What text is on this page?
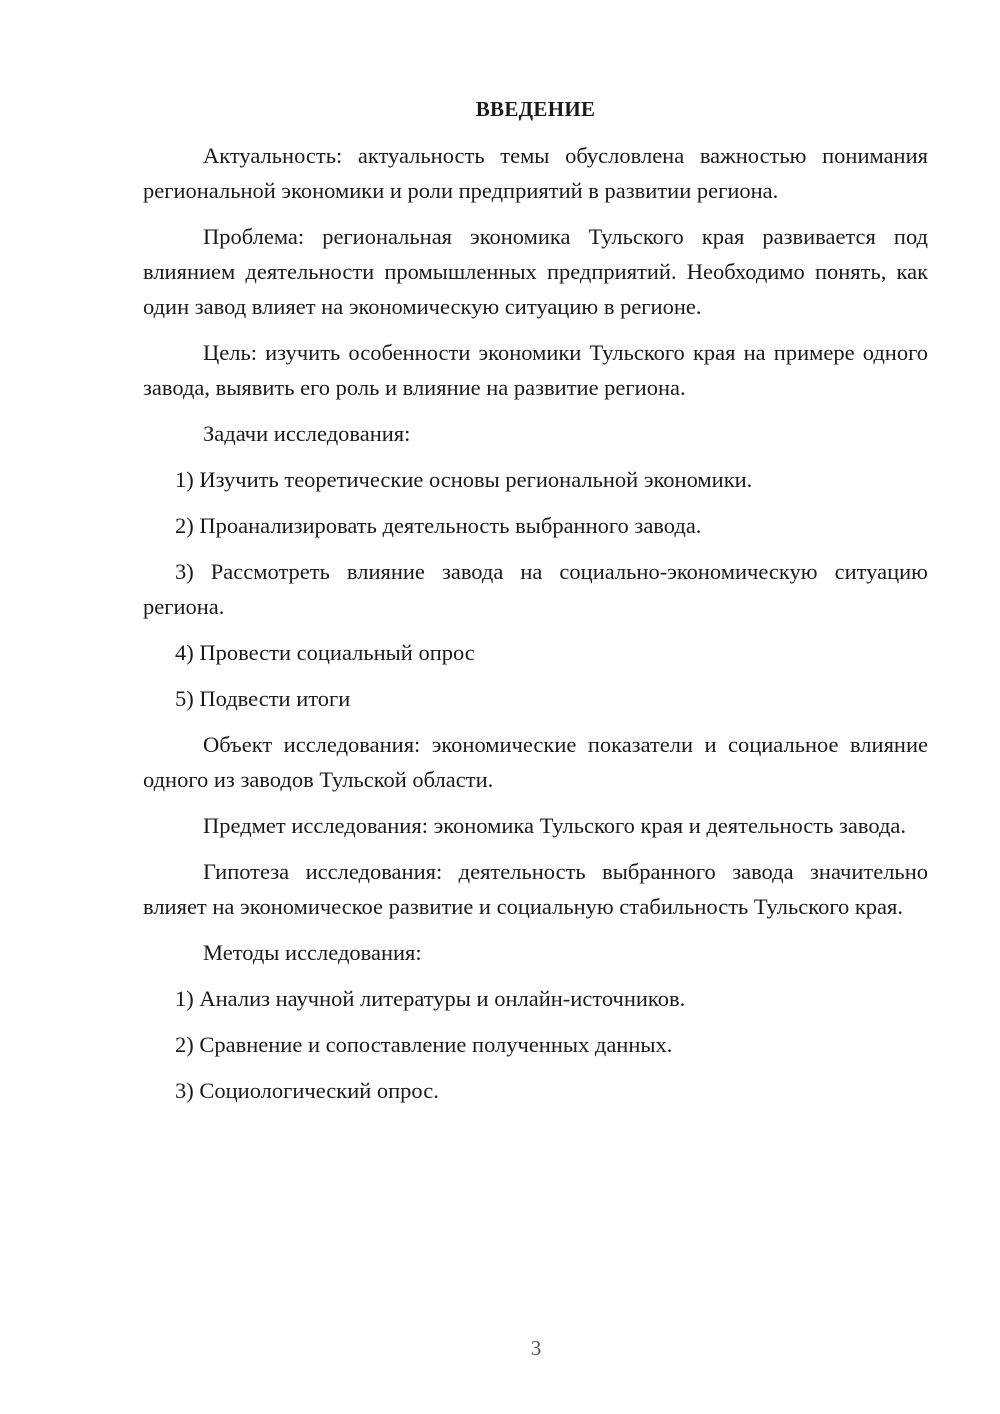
ВВЕДЕНИЕ

Актуальность: актуальность темы обусловлена важностью понимания региональной экономики и роли предприятий в развитии региона.

Проблема: региональная экономика Тульского края развивается под влиянием деятельности промышленных предприятий. Необходимо понять, как один завод влияет на экономическую ситуацию в регионе.

Цель: изучить особенности экономики Тульского края на примере одного завода, выявить его роль и влияние на развитие региона.

Задачи исследования:

1) Изучить теоретические основы региональной экономики.

2) Проанализировать деятельность выбранного завода.

3) Рассмотреть влияние завода на социально-экономическую ситуацию региона.

4) Провести социальный опрос

5) Подвести итоги

Объект исследования: экономические показатели и социальное влияние одного из заводов Тульской области.

Предмет исследования: экономика Тульского края и деятельность завода.

Гипотеза исследования: деятельность выбранного завода значительно влияет на экономическое развитие и социальную стабильность Тульского края.

Методы исследования:

1) Анализ научной литературы и онлайн-источников.

2) Сравнение и сопоставление полученных данных.

3) Социологический опрос.

3
